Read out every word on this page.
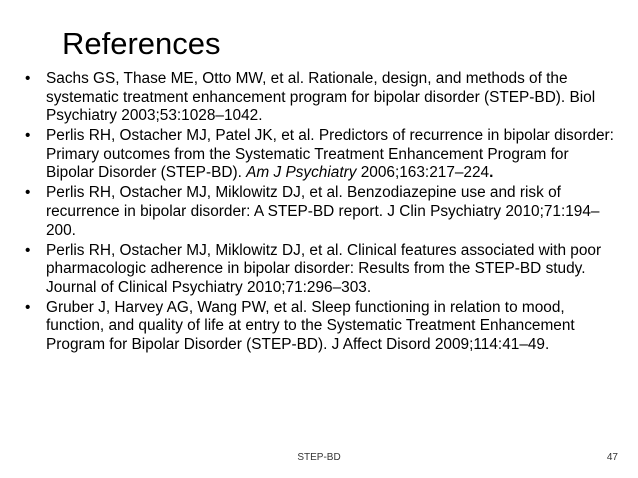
References
• Sachs GS, Thase ME, Otto MW, et al. Rationale, design, and methods of the systematic treatment enhancement program for bipolar disorder (STEP-BD). Biol Psychiatry 2003;53:1028–1042.
• Perlis RH, Ostacher MJ, Patel JK, et al. Predictors of recurrence in bipolar disorder: Primary outcomes from the Systematic Treatment Enhancement Program for Bipolar Disorder (STEP-BD). Am J Psychiatry 2006;163:217–224.
• Perlis RH, Ostacher MJ, Miklowitz DJ, et al. Benzodiazepine use and risk of recurrence in bipolar disorder: A STEP-BD report. J Clin Psychiatry 2010;71:194–200.
• Perlis RH, Ostacher MJ, Miklowitz DJ, et al. Clinical features associated with poor pharmacologic adherence in bipolar disorder: Results from the STEP-BD study. Journal of Clinical Psychiatry 2010;71:296–303.
• Gruber J, Harvey AG, Wang PW, et al. Sleep functioning in relation to mood, function, and quality of life at entry to the Systematic Treatment Enhancement Program for Bipolar Disorder (STEP-BD). J Affect Disord 2009;114:41–49.
STEP-BD	47
